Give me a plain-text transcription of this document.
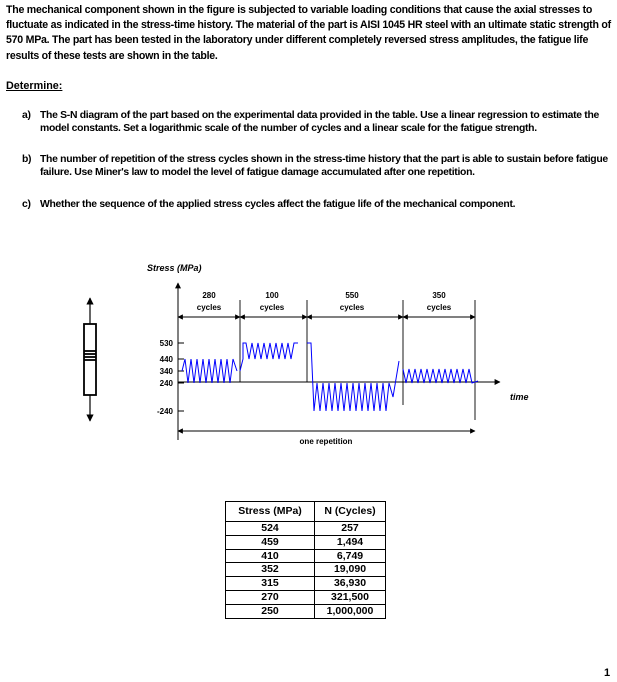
The mechanical component shown in the figure is subjected to variable loading conditions that cause the axial stresses to fluctuate as indicated in the stress-time history. The material of the part is AISI 1045 HR steel with an ultimate static strength of 570 MPa. The part has been tested in the laboratory under different completely reversed stress amplitudes, the fatigue life results of these tests are shown in the table.
Determine:
a) The S-N diagram of the part based on the experimental data provided in the table. Use a linear regression to estimate the model constants. Set a logarithmic scale of the number of cycles and a linear scale for the fatigue strength.
b) The number of repetition of the stress cycles shown in the stress-time history that the part is able to sustain before fatigue failure. Use Miner's law to model the level of fatigue damage accumulated after one repetition.
c) Whether the sequence of the applied stress cycles affect the fatigue life of the mechanical component.
Stress (MPa)
time
530
440
340
240
-240
280
cycles
100
cycles
550
cycles
350
cycles
one repetition
Stress (MPa)	N (Cycles)
524	257
459	1,494
410	6,749
352	19,090
315	36,930
270	321,500
250	1,000,000
1
